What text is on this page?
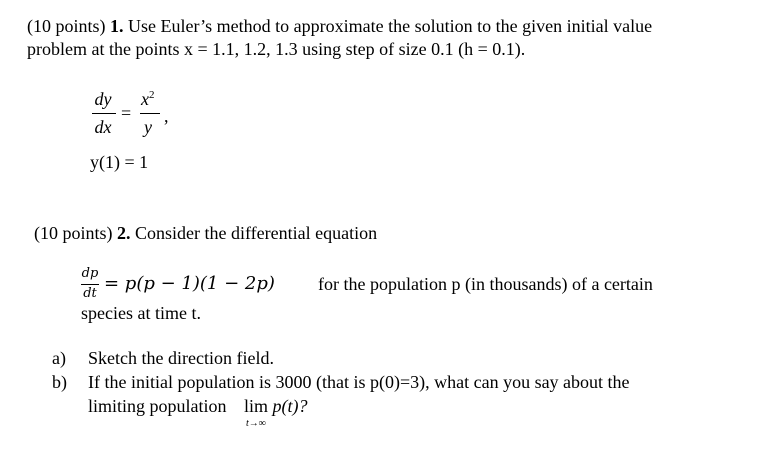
(10 points) 1. Use Euler’s method to approximate the solution to the given initial value
problem at the points x = 1.1, 1.2, 1.3 using step of size 0.1 (h = 0.1).
dy
dx
=
$x^2$
y
,
y(1) = 1
(10 points) 2. Consider the differential equation
dp
dt = p(p − 1)(1 − 2p) for the population p (in thousands) of a certain
species at time t.
a) Sketch the direction field.
b) If the initial population is 3000 (that is p(0)=3), what can you say about the
limiting population lim p(t)?
t→∞
